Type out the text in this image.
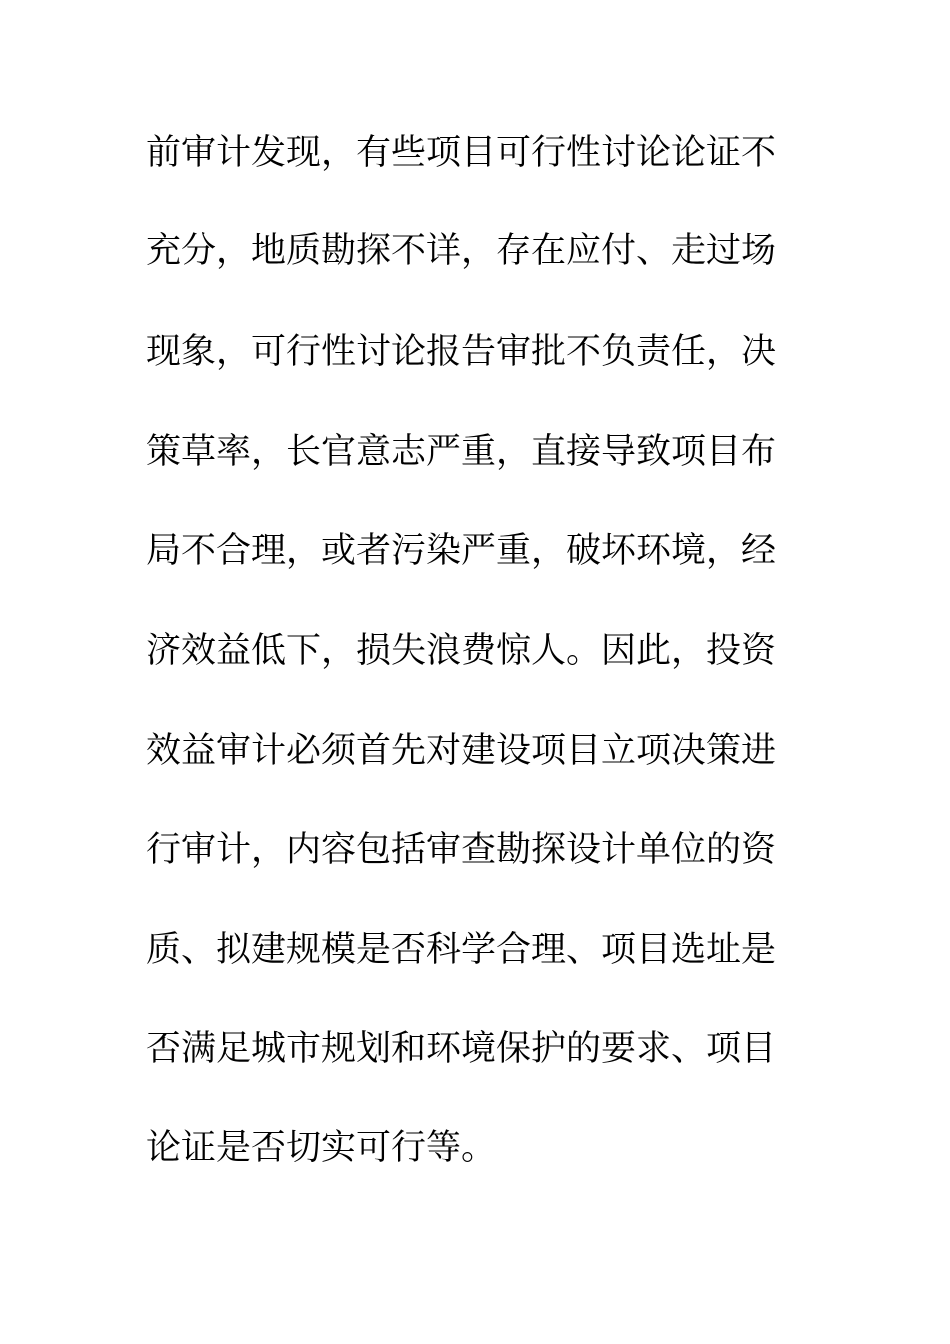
前审计发现，有些项目可行性讨论论证不
充分，地质勘探不详，存在应付、走过场
现象，可行性讨论报告审批不负责任，决
策草率，长官意志严重，直接导致项目布
局不合理，或者污染严重，破坏环境，经
济效益低下，损失浪费惊人。因此，投资
效益审计必须首先对建设项目立项决策进
行审计，内容包括审查勘探设计单位的资
质、拟建规模是否科学合理、项目选址是
否满足城市规划和环境保护的要求、项目
论证是否切实可行等。
